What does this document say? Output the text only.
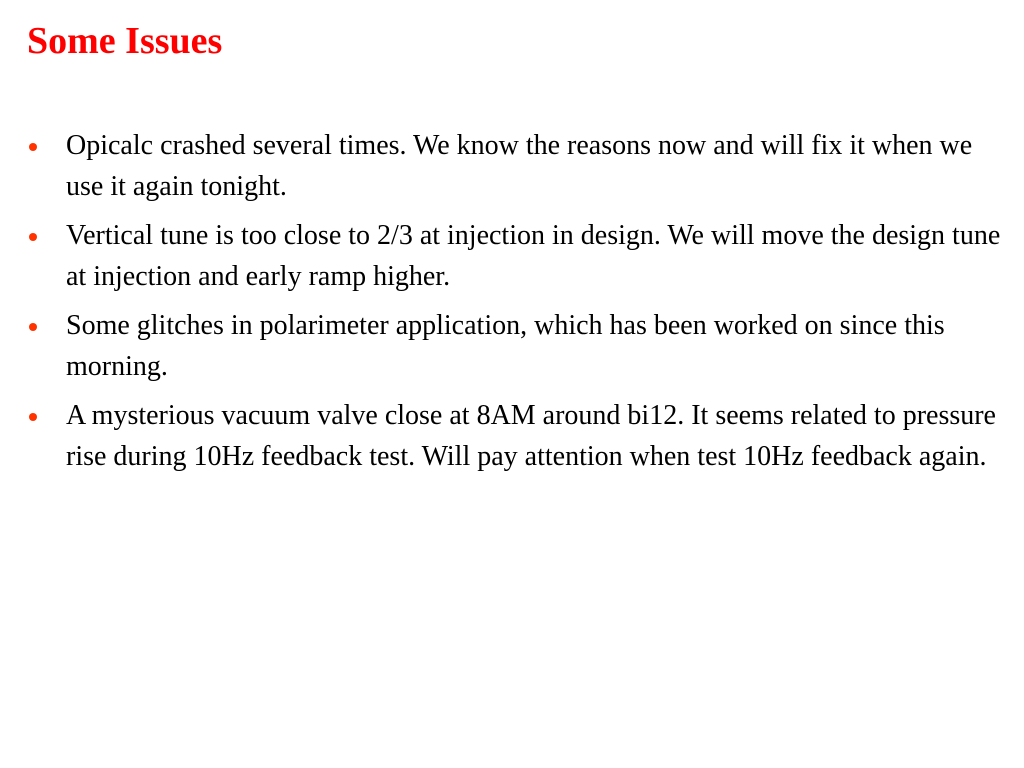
Some Issues
Opicalc crashed several times. We know the reasons now and will fix it when we use it again tonight.
Vertical tune is too close to 2/3 at injection in design. We will move the design tune at injection and early ramp higher.
Some glitches in polarimeter application, which has been worked on since this morning.
A mysterious vacuum valve close at 8AM around bi12. It seems related to pressure rise during 10Hz feedback test. Will pay attention when test 10Hz feedback again.
